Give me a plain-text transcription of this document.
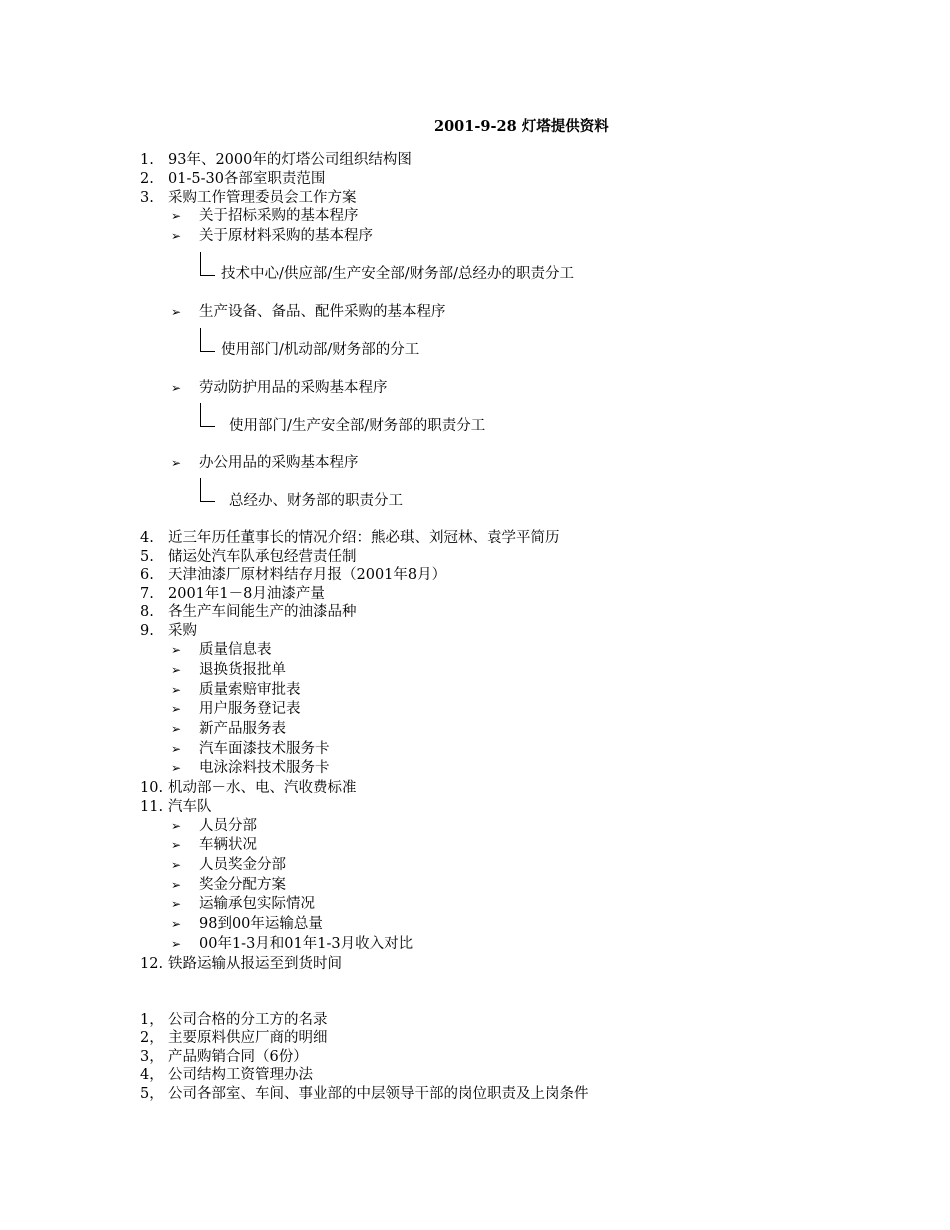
2001-9-28 灯塔提供资料
1. 93年、2000年的灯塔公司组织结构图
2. 01-5-30各部室职责范围
3. 采购工作管理委员会工作方案
➢ 关于招标采购的基本程序
➢ 关于原材料采购的基本程序
技术中心/供应部/生产安全部/财务部/总经办的职责分工
➢ 生产设备、备品、配件采购的基本程序
使用部门/机动部/财务部的分工
➢ 劳动防护用品的采购基本程序
使用部门/生产安全部/财务部的职责分工
➢ 办公用品的采购基本程序
总经办、财务部的职责分工
4. 近三年历任董事长的情况介绍：熊必琪、刘冠林、袁学平简历
5. 储运处汽车队承包经营责任制
6. 天津油漆厂原材料结存月报（2001年8月）
7. 2001年1－8月油漆产量
8. 各生产车间能生产的油漆品种
9. 采购
➢ 质量信息表
➢ 退换货报批单
➢ 质量索赔审批表
➢ 用户服务登记表
➢ 新产品服务表
➢ 汽车面漆技术服务卡
➢ 电泳涂料技术服务卡
10. 机动部－水、电、汽收费标准
11. 汽车队
➢ 人员分部
➢ 车辆状况
➢ 人员奖金分部
➢ 奖金分配方案
➢ 运输承包实际情况
➢ 98到00年运输总量
➢ 00年1-3月和01年1-3月收入对比
12. 铁路运输从报运至到货时间
1， 公司合格的分工方的名录
2， 主要原料供应厂商的明细
3， 产品购销合同（6份）
4， 公司结构工资管理办法
5， 公司各部室、车间、事业部的中层领导干部的岗位职责及上岗条件
